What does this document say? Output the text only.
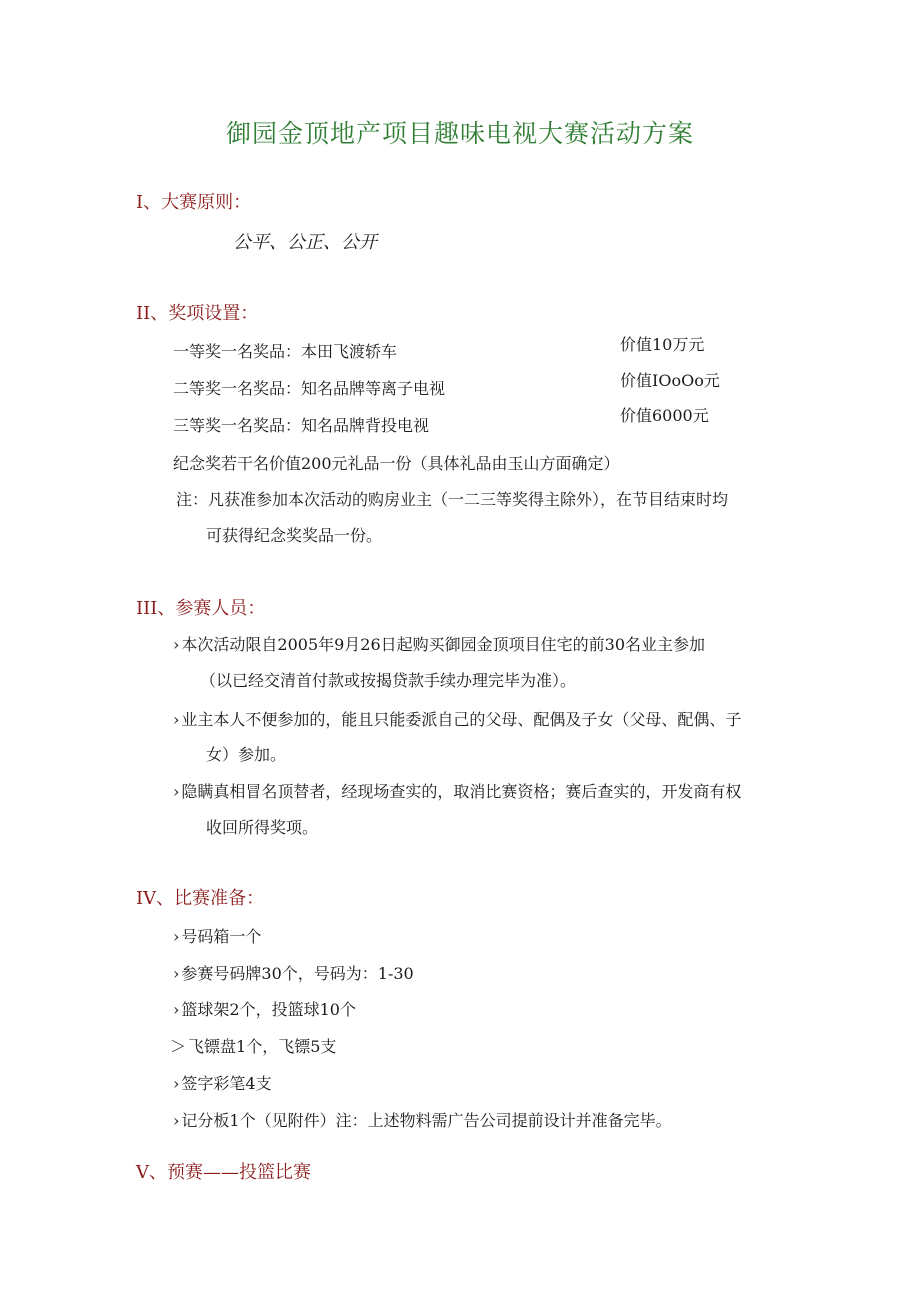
御园金顶地产项目趣味电视大赛活动方案
I、大赛原则：
公平、公正、公开
II、奖项设置：
一等奖一名奖品：本田飞渡轿车	价值10万元
二等奖一名奖品：知名品牌等离子电视	价值IOoOo元
三等奖一名奖品：知名品牌背投电视
价值6000元
纪念奖若干名价值200元礼品一份（具体礼品由玉山方面确定）
注：凡获准参加本次活动的购房业主（一二三等奖得主除外），在节目结束时均
可获得纪念奖奖品一份。
III、参赛人员：
› 本次活动限自2005年9月26日起购买御园金顶项目住宅的前30名业主参加
（以已经交清首付款或按揭贷款手续办理完毕为准）。
› 业主本人不便参加的，能且只能委派自己的父母、配偶及子女（父母、配偶、子
女）参加。
› 隐瞒真相冒名顶替者，经现场查实的，取消比赛资格；赛后查实的，开发商有权
收回所得奖项。
IV、比赛准备：
› 号码箱一个
› 参赛号码牌30个，号码为：1-30
› 篮球架2个，投篮球10个
＞ 飞镖盘1个，飞镖5支
› 签字彩笔4支
› 记分板1个（见附件）注：上述物料需广告公司提前设计并准备完毕。
V、预赛——投篮比赛
